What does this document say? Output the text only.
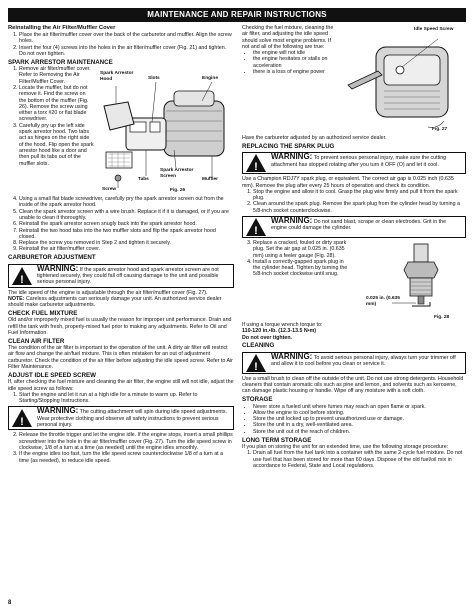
MAINTENANCE AND REPAIR INSTRUCTIONS
Reinstalling the Air Filter/Muffler Cover
1. Place the air filter/muffler cover over the back of the carburetor and muffler. Align the screw holes.
2. Insert the four (4) screws into the holes in the air filter/muffler cover (Fig. 21) and tighten. Do not over tighten.
SPARK ARRESTOR MAINTENANCE
1. Remove air filter/muffler cover. Refer to Removing the Air Filter/Muffler Cover.
2. Locate the muffler, but do not remove it. Find the screw on the bottom of the muffler (Fig. 26). Remove the screw using either a torx #20 or flat blade screwdriver.
3. Carefully pry up the left side spark arrestor hood. Two tabs act as hinges on the right side of the hood. Flip open the spark arrestor hood like a door and then pull its tabs out of the muffler slots.
Spark Arrestor Hood	Slots	Engine
Screw
Tabs
Spark Arrestor Screen
Muffler
Fig. 26
4. Using a small flat blade screwdriver, carefully pry the spark arrestor screen out from the inside of the spark arrestor hood.
5. Clean the spark arrestor screen with a wire brush. Replace it if it is damaged, or if you are unable to clean it thoroughly.
6. Reinstall the spark arrestor screen snugly back into the spark arrestor hood.
7. Reinstall the two hood tabs into the two muffler slots and flip the spark arrestor hood closed.
8. Replace the screw you removed in Step 2 and tighten it securely.
9. Reinstall the air filter/muffler cover.
CARBURETOR ADJUSTMENT
!
WARNING: If the spark arrestor hood and spark arrestor screen are not tightened securely, they could fall off causing damage to the unit and possible serious personal injury.

The idle speed of the engine is adjustable through the air filter/muffler cover (Fig. 27).

NOTE: Careless adjustments can seriously damage your unit. An authorized service dealer should make carburetor adjustments.

CHECK FUEL MIXTURE

Old and/or improperly mixed fuel is usually the reason for improper unit performance. Drain and refill the tank with fresh, properly-mixed fuel prior to making any adjustments. Refer to Oil and Fuel Information.

CLEAN AIR FILTER

The condition of the air filter is important to the operation of the unit. A dirty air filter will restrict air flow and change the air/fuel mixture. This is often mistaken for an out of adjustment carburetor. Check the condition of the air filter before adjusting the idle speed screw. Refer to Air Filter Maintenance.

ADJUST IDLE SPEED SCREW

If, after checking the fuel mixture and cleaning the air filter, the engine still will not idle, adjust the idle speed screw as follows:

1. Start the engine and let it run at a high idle for a minute to warm up. Refer to Starting/Stopping Instructions.
!
WARNING: The cutting attachment will spin during idle speed adjustments. Wear protective clothing and observe all safety instructions to prevent serious personal injury.
2. Release the throttle trigger and let the engine idle. If the engine stops, insert a small phillips screwdriver into the hole in the air filter/muffler cover (Fig. 27). Turn the idle speed screw in clockwise, 1/8 of a turn at a time (as needed) until the engine idles smoothly.
3. If the engine idles too fast, turn the idle speed screw counterclockwise 1/8 of a turn at a time (as needed), to reduce idle speed.

Checking the fuel mixture, cleaning the air filter, and adjusting the idle speed should solve most engine problems. If not and all of the following are true:

• the engine will not idle
• the engine hesitates or stalls on acceleration
• there is a loss of engine power
Idle Speed Screw
Fig. 27

Have the carburetor adjusted by an authorized service dealer.

REPLACING THE SPARK PLUG
!
WARNING: To prevent serious personal injury, make sure the cutting attachment has stopped rotating after you turn it OFF (O) and let it cool.

Use a Champion RDJ7Y spark plug, or equivalent. The correct air gap is 0.025 inch (0.635 mm). Remove the plug after every 25 hours of operation and check its condition.

1. Stop the engine and allow it to cool. Grasp the plug wire firmly and pull it from the spark plug.
2. Clean around the spark plug. Remove the spark plug from the cylinder head by turning a 5/8-inch socket counterclockwise.
!
WARNING: Do not sand blast, scrape or clean electrodes. Grit in the engine could damage the cylinder.
3. Replace a cracked, fouled or dirty spark plug. Set the air gap at 0.025 in. (0.635 mm) using a feeler gauge (Fig. 28).
4. Install a correctly-gapped spark plug in the cylinder head. Tighten by turning the 5/8-inch socket clockwise until snug.
0.025 in. (0.635 mm)
Fig. 28

If using a torque wrench torque to:

110-120 in.•lb. (12.3-13.5 N•m)

Do not over tighten.

CLEANING
!
WARNING: To avoid serious personal injury, always turn your trimmer off and allow it to cool before you clean or service it.

Use a small brush to clean off the outside of the unit. Do not use strong detergents. Household cleaners that contain aromatic oils such as pine and lemon, and solvents such as kerosene, can damage plastic housing or handle. Wipe off any moisture with a soft cloth.

STORAGE
• Never store a fueled unit where fumes may reach an open flame or spark.
• Allow the engine to cool before storing.
• Store the unit locked up to prevent unauthorized use or damage.
• Store the unit in a dry, well-ventilated area.
• Store the unit out of the reach of children.
LONG TERM STORAGE

If you plan on storing the unit for an extended time, use the following storage procedure:

1. Drain all fuel from the fuel tank into a container with the same 2-cycle fuel mixture. Do not use fuel that has been stored for more than 60 days. Dispose of the old fuel/oil mix in accordance to Federal, State and Local regulations.
8
